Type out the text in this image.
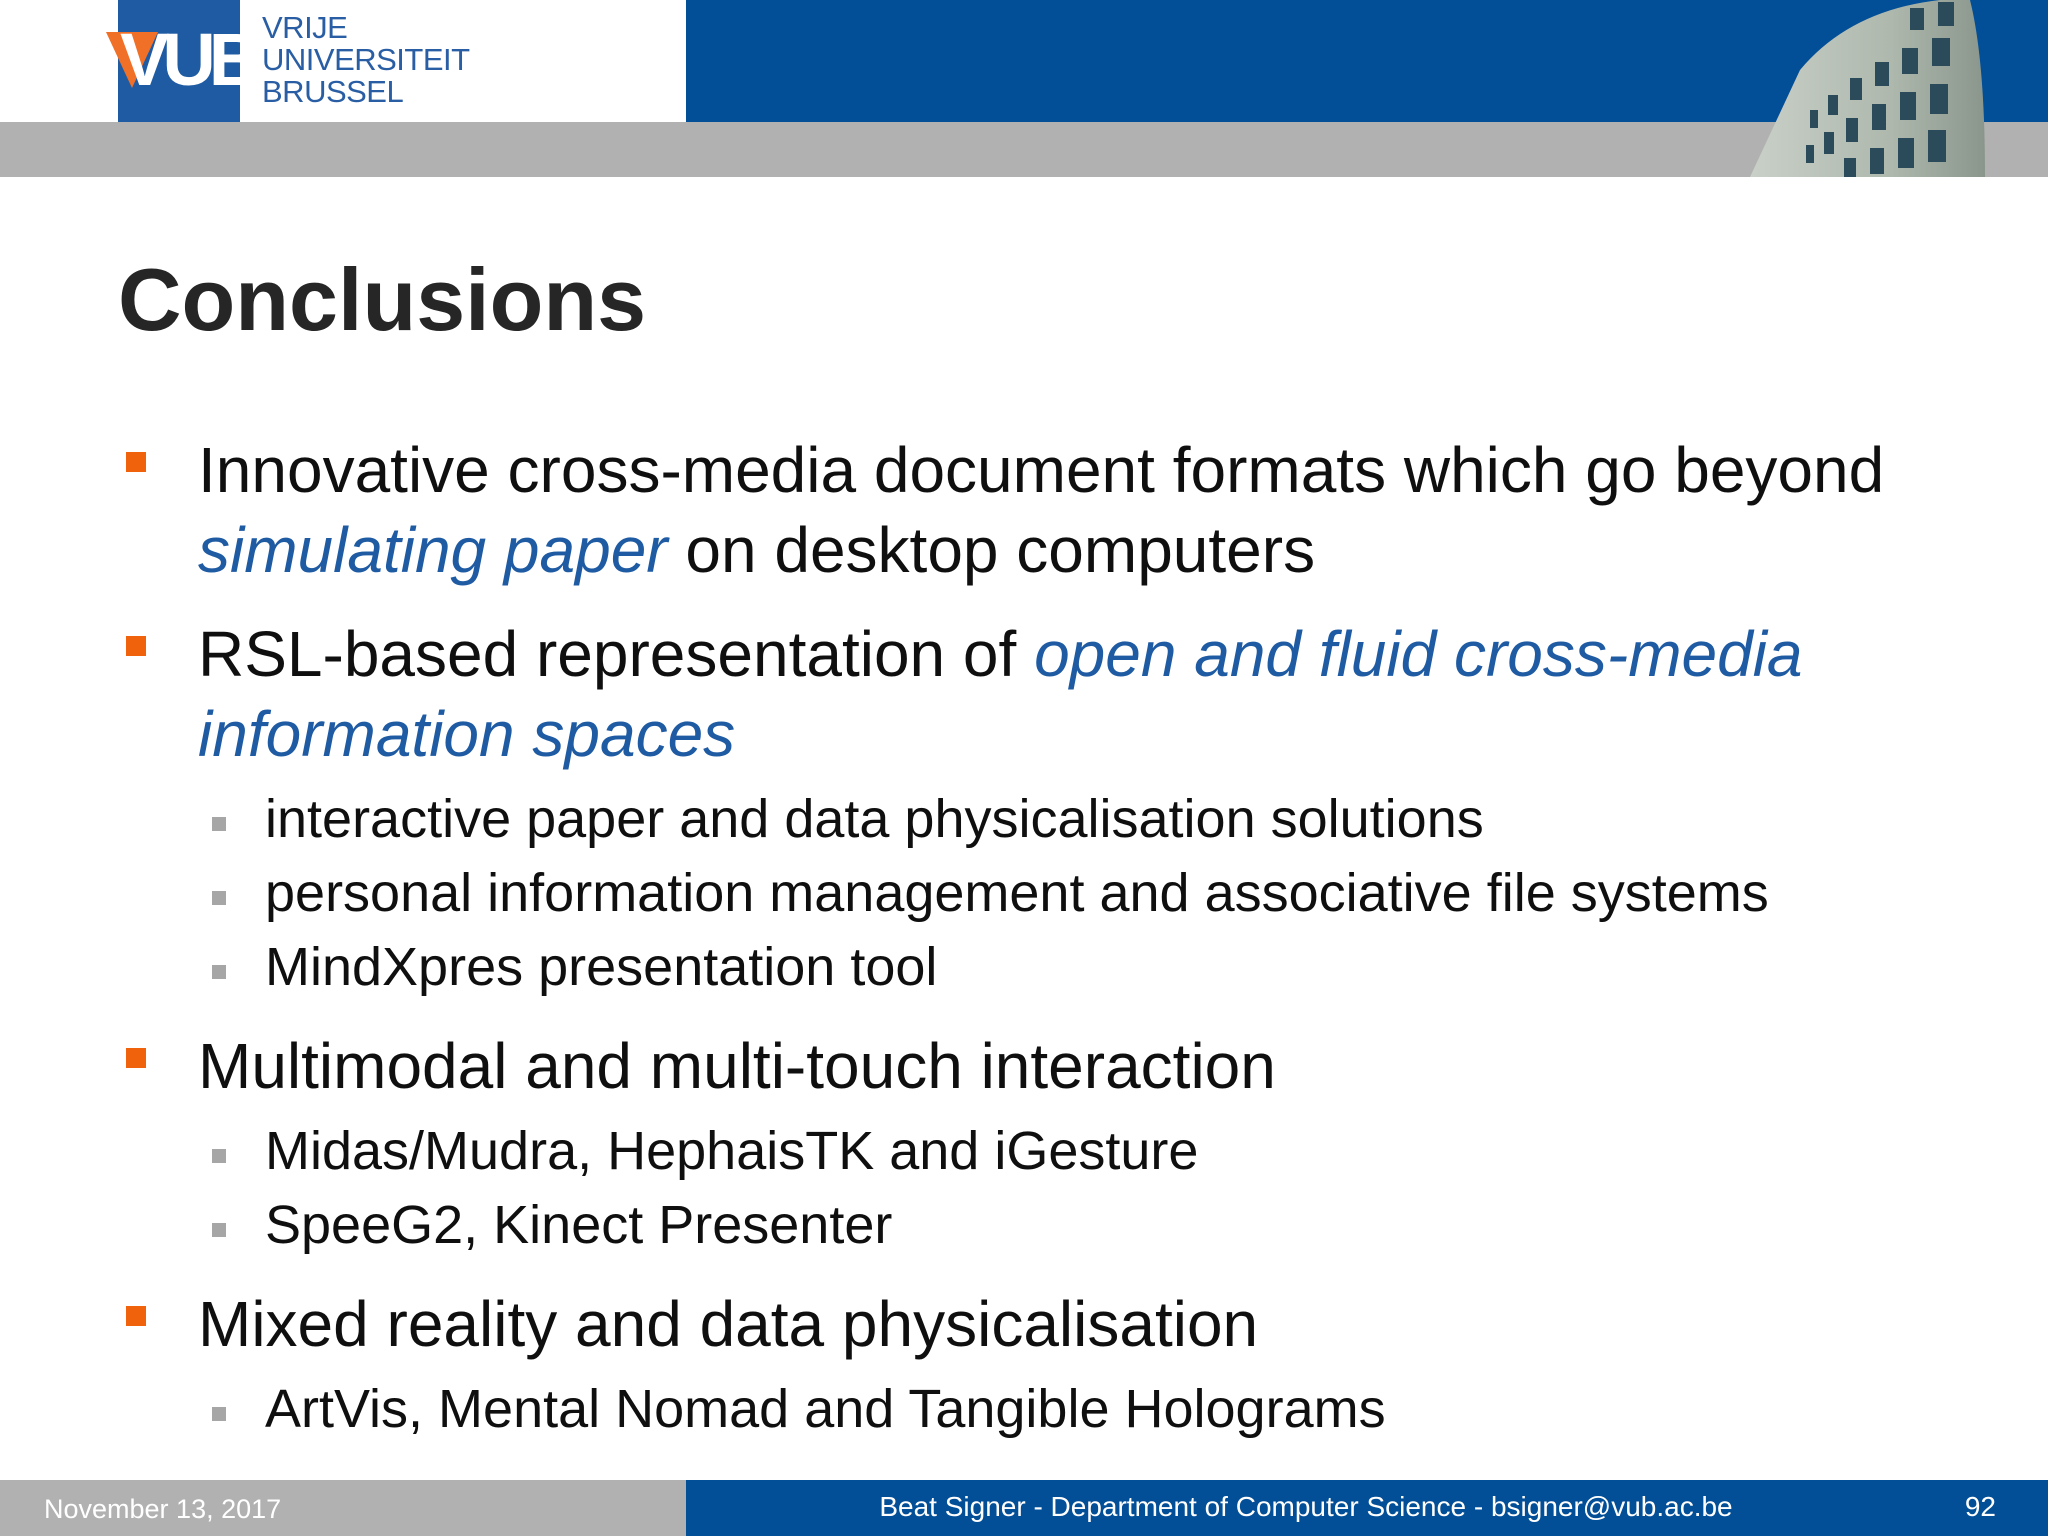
VUB VRIJE
UNIVERSITEIT
BRUSSEL
Conclusions
Innovative cross-media document formats which go beyond simulating paper on desktop computers
RSL-based representation of open and fluid cross-media information spaces
interactive paper and data physicalisation solutions
personal information management and associative file systems
MindXpres presentation tool
Multimodal and multi-touch interaction
Midas/Mudra, HephaisTK and iGesture
SpeeG2, Kinect Presenter
Mixed reality and data physicalisation
ArtVis, Mental Nomad and Tangible Holograms
November 13, 2017	Beat Signer - Department of Computer Science - bsigner@vub.ac.be	92
